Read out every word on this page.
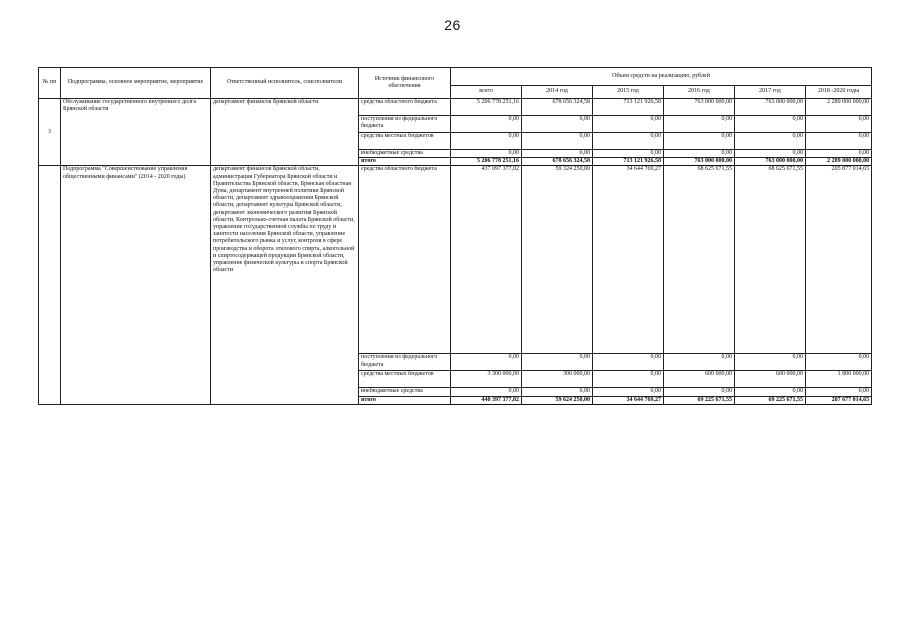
26
№ пп	Подпрограмма, основное мероприятие, мероприятие	Ответственный исполнитель, соисполнители	Источник финансового обеспечения	Объем средств на реализацию, рублей					
				всего	2014 год	2015 год	2016 год	2017 год	2018 -2020 годы
3	Обслуживание государственного внутреннего долга Брянской области	департамент финансов Брянской области	средства областного бюджета	5 206 778 251,16	678 656 324,58	713 121 926,58	763 000 000,00	763 000 000,00	2 289 000 000,00
			поступления из федерального бюджета	0,00	0,00	0,00	0,00	0,00	0,00
			средства местных бюджетов	0,00	0,00	0,00	0,00	0,00	0,00
			внебюджетные средства	0,00	0,00	0,00	0,00	0,00	0,00
			итого	5 206 778 251,16	678 656 324,58	713 121 926,58	763 000 000,00	763 000 000,00	2 289 000 000,00
	Подпрограмма "Совершенствование управления общественными финансами" (2014 - 2020 годы)	департамент финансов Брянской области, администрация Губернатора Брянской области и Правительства Брянской области, Брянская областная Дума, департамент внутренней политики Брянской области, департамент здравоохранения Брянской области, департамент культуры Брянской области, департамент экономического развития Брянской области, Контрольно-счетная палата Брянской области, управление государственной службы по труду и занятости населения Брянской области, управление потребительского рынка и услуг, контроля в сфере производства и оборота этилового спирта, алкогольной и спиртосодержащей продукции Брянской области, управление физической культуры и спорта Брянской области	средства областного бюджета	437 097 377,02	59 324 250,00	34 644 769,27	68 625 671,55	68 625 671,55	205 877 014,65
			поступления из федерального бюджета	0,00	0,00	0,00	0,00	0,00	0,00
			средства местных бюджетов	3 300 000,00	300 000,00	0,00	600 000,00	600 000,00	1 800 000,00
			внебюджетные средства	0,00	0,00	0,00	0,00	0,00	0,00
			итого	440 397 377,02	59 624 250,00	34 644 769,27	69 225 671,55	69 225 671,55	207 677 014,65
